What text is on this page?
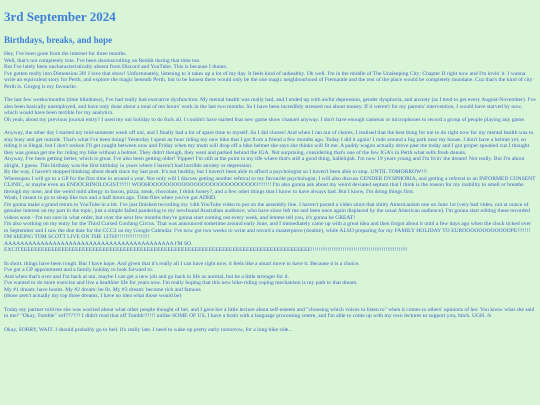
3rd September 2024
Birthdays, breaks, and hope

Hey, I've been gone from the internet for three months.

Well, that's not completely true. I've been doomscrolling on Reddit during that time too.

But I've lately been uncharacteristically absent from Discord and YouTube. This is because I dunno.

I've gotten really into Dimension 20! I love that show! Unfortunately, listening to it takes up a lot of my day. It feels kind of unhealthy. Oh well. I'm in the middle of The Unsleeping City: Chapter II right now and I'm lovin' it. I wanna write an equivalent story for Perth, and explore the magic beneath Perth, but to be honest there would only be the one magic neighbourhood of Fremantle and the rest of the place would be completely mundane. Cuz that's the kind of city Perth is. Gorgeg is my favourite.

The last few weeks/months (time blindness), I've had really bad executive dysfunction. My mental health was really bad, and I ended up with awful depression, gender dysphoria, and anxiety (as I tend to get every August-November). I've also been basically unemployed, and have only done about a total of ten hours' work in the last two months. So I have been incredibly stressed out about money. If it weren't for my parents' intervention, I would have starved by now, which would have been terrible for my analytics.

Oh yeah, about my previous journal entry? I used my uni holiday to do fuck all. I couldn't have started that new game show channel anyway. I don't have enough cameras or microphones to record a group of people playing any game.

Anyway, the other day I started my mid-semester week off uni, and I finally had a lot of spare time to myself. So I did chores! And when I ran out of chores, I realised that the best thing for me to do right now for my mental health was to stay busy and get outside. That's what I've been doing! Yesterday I spent an hour riding my new bike that I got from a friend a few months ago. Today I did it again! I rode around a big park near my house. I don't have a helmet yet, so riding it is illegal, but I don't reckon I'll get caught between now and Friday when my mum will drop off a bike helmet she says she thinks will fit me. A paddy wagon actually drove past me today and I got proper spooked cuz I thought they was gonna get me for riding my bike without a helmet. They didn't though, they went and parked behind the IGA. Not surprising, considering that's one of the few IGA's in Perth what sells fresh donuts.

Anyway, I've been getting better, which is great. I've also been getting older! Yippee! I'm still at the point in my life where that's still a good thing, hallelujah. I'm now 19 years young and I'm livin' the dream! Not really. But I'm about alright, I guess. This birthday was the first birthday in years where I haven't had horrible anxiety or depression.

By the way, I haven't stopped thinking about death since my last post. It's not healthy, but I haven't been able to afford a psychologist so I haven't been able to stop. UNTIL TOMORROW!!!

Whereupon I will go to a GP for the first time in around a year. Not only will I discuss getting another referral to my favourite psychologist, I will also discuss GENDER DYSPHORIA, and getting a referral to an INFORMED CONSENT CLINIC, or maybe even an ENDOCRINOLOGIST!!!!!! WOOHOOOOOOOOOOOOOOOOOOOOOOOOOOO!!!!!!! I'm also gonna ask about my weird deviated septum that I think is the reason for my inability to smell or breathe through my nose, and the weird mild allergy to bacon, pizza, steak, chocolate, I think honey?, and a few other things that I know to have always had. But I know, I'm doing things first.

Woah, I meant to go to sleep like two and a half hours ago. Time flies when you've got ADHD.

I'm gonna make a grand return to YouTube in a bit. I've just finished recording my 14th YouTube video to put on the assembly line. I haven't posted a video since that shitty Americanism one on June 1st (very bad video, not at ounce of genuine interest on my part in the topic, just a simple failed pandering to my newfound Australian audience, who have since left me and been once again displaced by the usual American audience). I'm gonna start editing these recorded videos soon - I'm not sure in what order, but over the next few months they're gonna start coming out every week, and lemme tell you, it's gonna be GREAT!

I'm also working on my entry for the Third Cursed Confang Circus. That was announced sometime around early June, and I immediately came up with a great idea and then forgot about it until a few days ago when the clock ticked over to September and I saw the due date for the CCC3 on my Google Calendar. I've now got two weeks to write and record a masterpiece (double), while ALSO preparing for my FAMILY HOLIDAY TO EUROOOOOOOOOOOOPE!!!!!!! I'M SEEING TOM SCOTT LIVE ON THE 12TH!!!!!!!!!!!!!!!!!!

AAAAAAAAAAAAAAAAAAAAAAAAAAAAAAAAAAAAAAAAAA I'M SO EXCITEEEEEEEEEEEEEEEEEEEEEEEEEEEEEEEEEEEEEEEEEEEEEEEEEEEEEEEEEEEEEEEEEEEEEEEEEEEEEEEEEEEEE!!!!!!!!!!!!!!!!!!!!!!!!!!!!!!!!!!!!!!!!!!!!!!!!!!!!

In short, things have been rough. But I have hope. And given that it's really all I can have right now, it feels like a smart move to have it. Because it is a choice.

I've got a GP appointment and a family holiday to look forward to.

And when that's over and I'm back at uni, maybe I can get a new job and go back to life as normal, but be a little stronger for it.

I've wanted to do more exercise and live a healthier life for years now. I'm really hoping that this new bike-riding coping mechanism is my path to that dream.

My #1 dream: have boobs. My #2 dream: be fit. My #3 dream: become rich and famous

(those aren't actually my top three dreams, I have no idea what those would be)

Today my partner told me she was worried about what other people thought of her, and I gave her a little lecture about self-esteem and "choosing which voices to listen to" when it comes to others' opinions of her. You know what she said to me? "Okay, Tumble" wtf?????? I didn't read that off Tumblr!!!!!! unlike SOME OF US, I have a brain with a language processing centre, and I'm able to come up with my own lectures to support you, bitch. UGH. /h

Okay, SORRY, WAIT. I should probably go to bed. It's really late. I need to wake up pretty early tomorrow, for a long bike ride...
